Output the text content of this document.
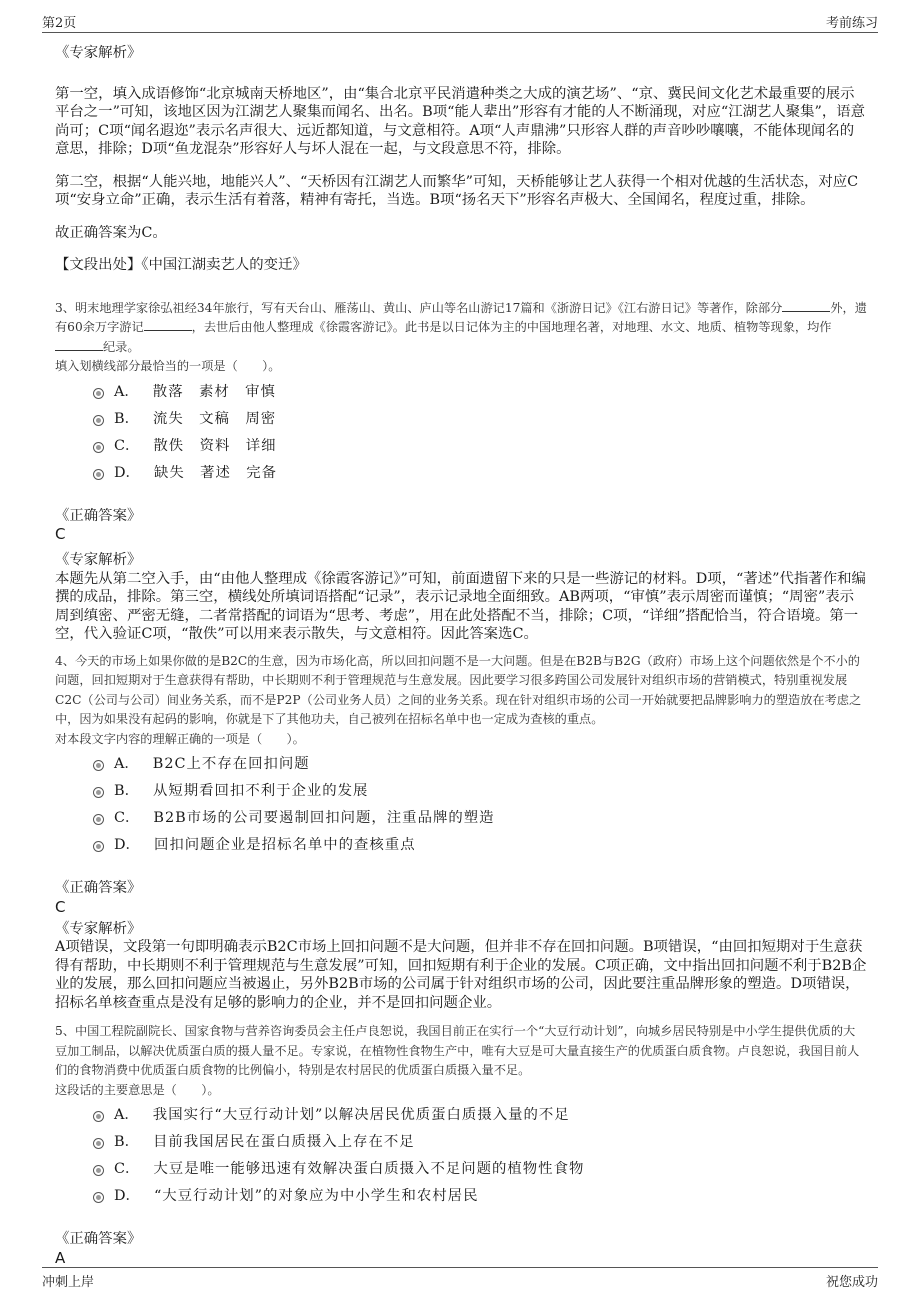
第2页	考前练习

《专家解析》

第一空，填入成语修饰“北京城南天桥地区”，由“集合北京平民消遣种类之大成的演艺场”、“京、冀民间文化艺术最重要的展示平台之一”可知，该地区因为江湖艺人聚集而闻名、出名。B项“能人辈出”形容有才能的人不断涌现，对应“江湖艺人聚集”，语意尚可；C项“闻名遐迩”表示名声很大、远近都知道，与文意相符。A项“人声鼎沸”只形容人群的声音吵吵嚷嚷，不能体现闻名的意思，排除；D项“鱼龙混杂”形容好人与坏人混在一起，与文段意思不符，排除。

第二空，根据“人能兴地，地能兴人”、“天桥因有江湖艺人而繁华”可知，天桥能够让艺人获得一个相对优越的生活状态，对应C项“安身立命”正确，表示生活有着落，精神有寄托，当选。B项“扬名天下”形容名声极大、全国闻名，程度过重，排除。

故正确答案为C。

【文段出处】《中国江湖卖艺人的变迁》

3、明末地理学家徐弘祖经34年旅行，写有天台山、雁荡山、黄山、庐山等名山游记17篇和《浙游日记》《江右游日记》等著作，除部分	外，遗有60余万字游记	，去世后由他人整理成《徐霞客游记》。此书是以日记体为主的中国地理名著，对地理、水文、地质、植物等现象，均作纪录。

填入划横线部分最恰当的一项是（　　）。

A． 散落　素材　审慎
B． 流失　文稿　周密
C． 散佚　资料　详细
D． 缺失　著述　完备

《正确答案》

C

《专家解析》

本题先从第二空入手，由“由他人整理成《徐霞客游记》”可知，前面遗留下来的只是一些游记的材料。D项，“著述”代指著作和编撰的成品，排除。第三空，横线处所填词语搭配“记录”，表示记录地全面细致。AB两项，“审慎”表示周密而谨慎；“周密”表示周到缜密、严密无缝，二者常搭配的词语为“思考、考虑”，用在此处搭配不当，排除；C项，“详细”搭配恰当，符合语境。第一空，代入验证C项，“散佚”可以用来表示散失，与文意相符。因此答案选C。

4、今天的市场上如果你做的是B2C的生意，因为市场化高，所以回扣问题不是一大问题。但是在B2B与B2G（政府）市场上这个问题依然是个不小的问题，回扣短期对于生意获得有帮助，中长期则不利于管理规范与生意发展。因此要学习很多跨国公司发展针对组织市场的营销模式，特别重视发展C2C（公司与公司）间业务关系，而不是P2P（公司业务人员）之间的业务关系。现在针对组织市场的公司一开始就要把品牌影响力的塑造放在考虑之中，因为如果没有起码的影响，你就是下了其他功夫，自己被列在招标名单中也一定成为查核的重点。

对本段文字内容的理解正确的一项是（　　）。

A． B2C上不存在回扣问题
B． 从短期看回扣不利于企业的发展
C． B2B市场的公司要遏制回扣问题，注重品牌的塑造
D． 回扣问题企业是招标名单中的查核重点

《正确答案》

C

《专家解析》

A项错误，文段第一句即明确表示B2C市场上回扣问题不是大问题，但并非不存在回扣问题。B项错误，“由回扣短期对于生意获得有帮助，中长期则不利于管理规范与生意发展”可知，回扣短期有利于企业的发展。C项正确，文中指出回扣问题不利于B2B企业的发展，那么回扣问题应当被遏止，另外B2B市场的公司属于针对组织市场的公司，因此要注重品牌形象的塑造。D项错误，招标名单核查重点是没有足够的影响力的企业，并不是回扣问题企业。

5、中国工程院副院长、国家食物与营养咨询委员会主任卢良恕说，我国目前正在实行一个“大豆行动计划”，向城乡居民特别是中小学生提供优质的大豆加工制品，以解决优质蛋白质的摄人量不足。专家说，在植物性食物生产中，唯有大豆是可大量直接生产的优质蛋白质食物。卢良恕说，我国目前人们的食物消费中优质蛋白质食物的比例偏小，特别是农村居民的优质蛋白质摄入量不足。

这段话的主要意思是（　　）。

A． 我国实行“大豆行动计划”以解决居民优质蛋白质摄入量的不足
B． 目前我国居民在蛋白质摄入上存在不足
C． 大豆是唯一能够迅速有效解决蛋白质摄入不足问题的植物性食物
D． “大豆行动计划”的对象应为中小学生和农村居民

《正确答案》

A

冲刺上岸	祝您成功
